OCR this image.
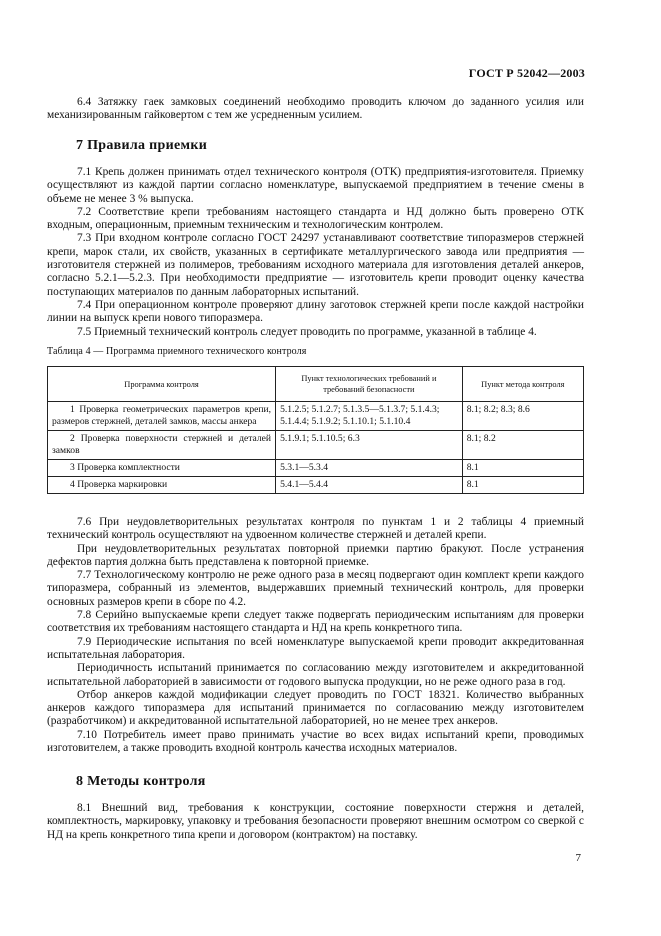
ГОСТ Р 52042—2003

6.4 Затяжку гаек замковых соединений необходимо проводить ключом до заданного усилия или механизированным гайковертом с тем же усредненным усилием.

7 Правила приемки

7.1 Крепь должен принимать отдел технического контроля (ОТК) предприятия-изготовителя. Приемку осуществляют из каждой партии согласно номенклатуре, выпускаемой предприятием в течение смены в объеме не менее 3 % выпуска.

7.2 Соответствие крепи требованиям настоящего стандарта и НД должно быть проверено ОТК входным, операционным, приемным техническим и технологическим контролем.

7.3 При входном контроле согласно ГОСТ 24297 устанавливают соответствие типоразмеров стержней крепи, марок стали, их свойств, указанных в сертификате металлургического завода или предприятия — изготовителя стержней из полимеров, требованиям исходного материала для изготовления деталей анкеров, согласно 5.2.1—5.2.3. При необходимости предприятие — изготовитель крепи проводит оценку качества поступающих материалов по данным лабораторных испытаний.

7.4 При операционном контроле проверяют длину заготовок стержней крепи после каждой настройки линии на выпуск крепи нового типоразмера.

7.5 Приемный технический контроль следует проводить по программе, указанной в таблице 4.

Таблица 4 — Программа приемного технического контроля
Программа контроля	Пункт технологических требований и требований безопасности	Пункт метода контроля
1 Проверка геометрических параметров крепи, размеров стержней, деталей замков, массы анкера	5.1.2.5; 5.1.2.7; 5.1.3.5—5.1.3.7; 5.1.4.3; 5.1.4.4; 5.1.9.2; 5.1.10.1; 5.1.10.4	8.1; 8.2; 8.3; 8.6
2 Проверка поверхности стержней и деталей замков	5.1.9.1; 5.1.10.5; 6.3	8.1; 8.2
3 Проверка комплектности	5.3.1—5.3.4	8.1
4 Проверка маркировки	5.4.1—5.4.4	8.1

7.6 При неудовлетворительных результатах контроля по пунктам 1 и 2 таблицы 4 приемный технический контроль осуществляют на удвоенном количестве стержней и деталей крепи.

При неудовлетворительных результатах повторной приемки партию бракуют. После устранения дефектов партия должна быть представлена к повторной приемке.

7.7 Технологическому контролю не реже одного раза в месяц подвергают один комплект крепи каждого типоразмера, собранный из элементов, выдержавших приемный технический контроль, для проверки основных размеров крепи в сборе по 4.2.

7.8 Серийно выпускаемые крепи следует также подвергать периодическим испытаниям для проверки соответствия их требованиям настоящего стандарта и НД на крепь конкретного типа.

7.9 Периодические испытания по всей номенклатуре выпускаемой крепи проводит аккредитованная испытательная лаборатория.

Периодичность испытаний принимается по согласованию между изготовителем и аккредитованной испытательной лабораторией в зависимости от годового выпуска продукции, но не реже одного раза в год.

Отбор анкеров каждой модификации следует проводить по ГОСТ 18321. Количество выбранных анкеров каждого типоразмера для испытаний принимается по согласованию между изготовителем (разработчиком) и аккредитованной испытательной лабораторией, но не менее трех анкеров.

7.10 Потребитель имеет право принимать участие во всех видах испытаний крепи, проводимых изготовителем, а также проводить входной контроль качества исходных материалов.

8 Методы контроля

8.1 Внешний вид, требования к конструкции, состояние поверхности стержня и деталей, комплектность, маркировку, упаковку и требования безопасности проверяют внешним осмотром со сверкой с НД на крепь конкретного типа крепи и договором (контрактом) на поставку.

7
